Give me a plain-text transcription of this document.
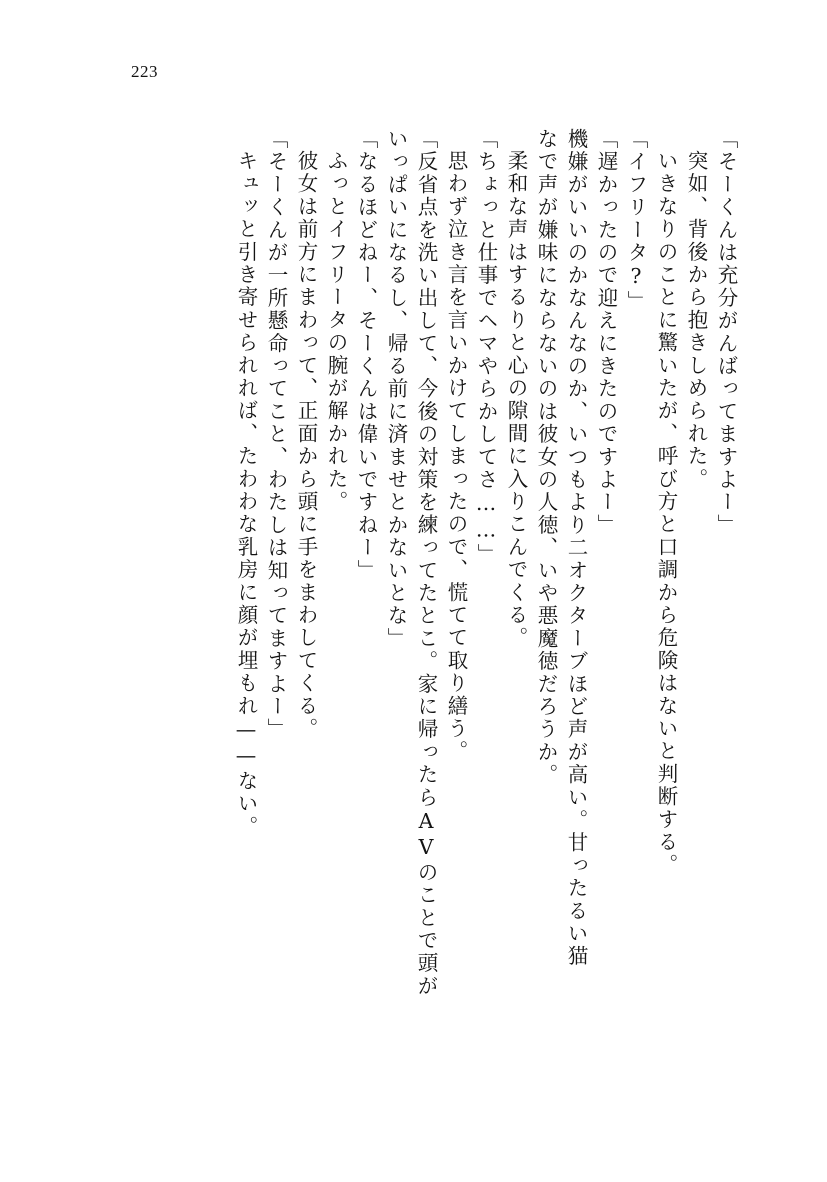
223
「そーくんは充分がんばってますよー」
突如、背後から抱きしめられた。
いきなりのことに驚いたが、呼び方と口調から危険はないと判断する。
「イフリータ?」
「遅かったので迎えにきたのですよー」
機嫌がいいのかなんなのか、いつもより二オクターブほど声が高い。甘ったるい猫
なで声が嫌味にならないのは彼女の人徳、いや悪魔徳だろうか。
柔和な声はするりと心の隙間に入りこんでくる。
「ちょっと仕事でヘマやらかしてさ……」
思わず泣き言を言いかけてしまったので、慌てて取り繕う。
「反省点を洗い出して、今後の対策を練ってたとこ。家に帰ったらAVのことで頭が
いっぱいになるし、帰る前に済ませとかないとな」
「なるほどねー、そーくんは偉いですねー」
ふっとイフリータの腕が解かれた。
彼女は前方にまわって、正面から頭に手をまわしてくる。
「そーくんが一所懸命ってこと、わたしは知ってますよー」
キュッと引き寄せられれば、たわわな乳房に顔が埋もれ——ない。
